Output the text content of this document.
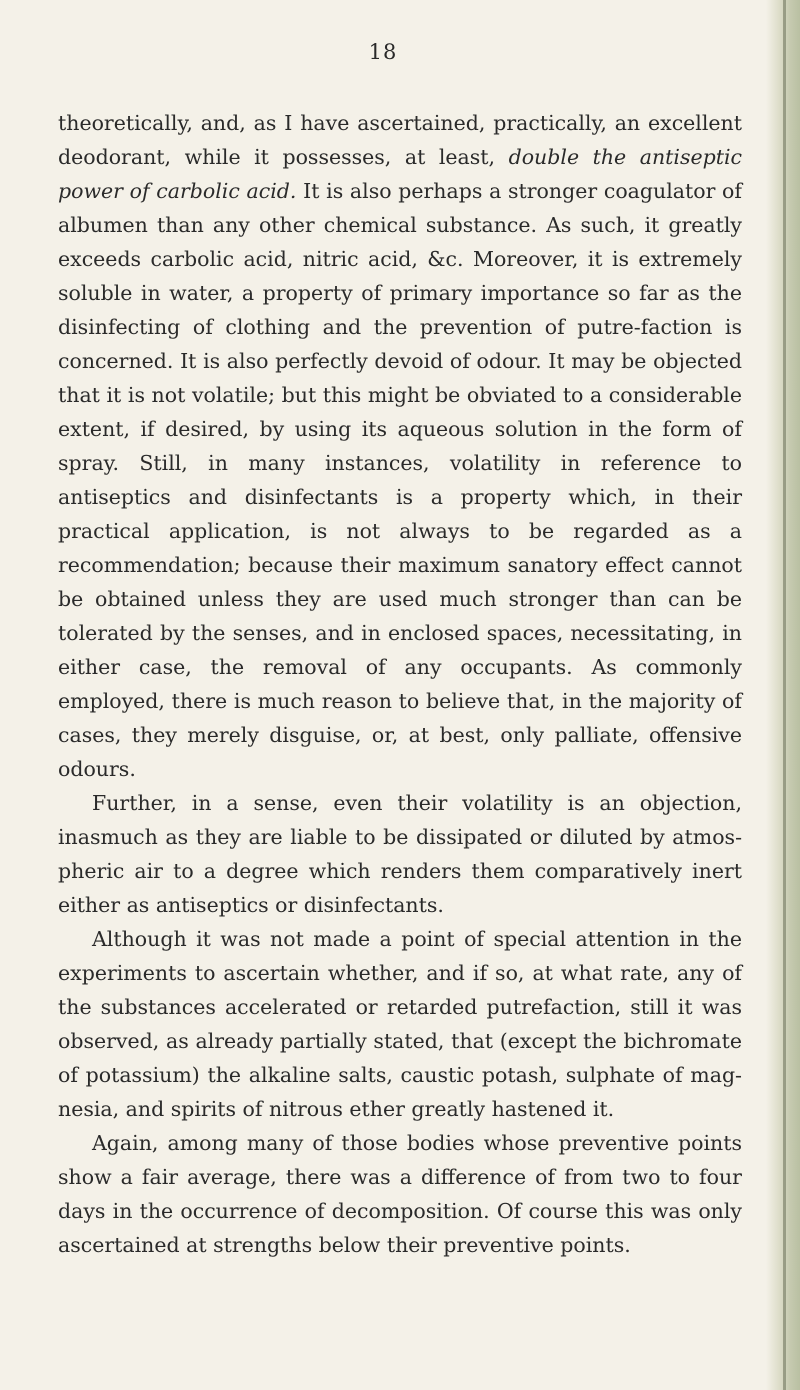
18

theoretically, and, as I have ascertained, practically, an excellent deodorant, while it possesses, at least, double the antiseptic power of carbolic acid. It is also perhaps a stronger coagulator of albumen than any other chemical substance. As such, it greatly exceeds carbolic acid, nitric acid, &c. Moreover, it is extremely soluble in water, a property of primary importance so far as the disinfecting of clothing and the prevention of putre-faction is concerned. It is also perfectly devoid of odour. It may be objected that it is not volatile; but this might be obviated to a considerable extent, if desired, by using its aqueous solution in the form of spray. Still, in many instances, volatility in reference to antiseptics and disinfectants is a property which, in their practical application, is not always to be regarded as a recommendation; because their maximum sanatory effect cannot be obtained unless they are used much stronger than can be tolerated by the senses, and in enclosed spaces, necessitating, in either case, the removal of any occupants. As commonly employed, there is much reason to believe that, in the majority of cases, they merely disguise, or, at best, only palliate, offensive odours.

Further, in a sense, even their volatility is an objection, inasmuch as they are liable to be dissipated or diluted by atmos-pheric air to a degree which renders them comparatively inert either as antiseptics or disinfectants.

Although it was not made a point of special attention in the experiments to ascertain whether, and if so, at what rate, any of the substances accelerated or retarded putrefaction, still it was observed, as already partially stated, that (except the bichromate of potassium) the alkaline salts, caustic potash, sulphate of mag-nesia, and spirits of nitrous ether greatly hastened it.

Again, among many of those bodies whose preventive points show a fair average, there was a difference of from two to four days in the occurrence of decomposition. Of course this was only ascertained at strengths below their preventive points.
